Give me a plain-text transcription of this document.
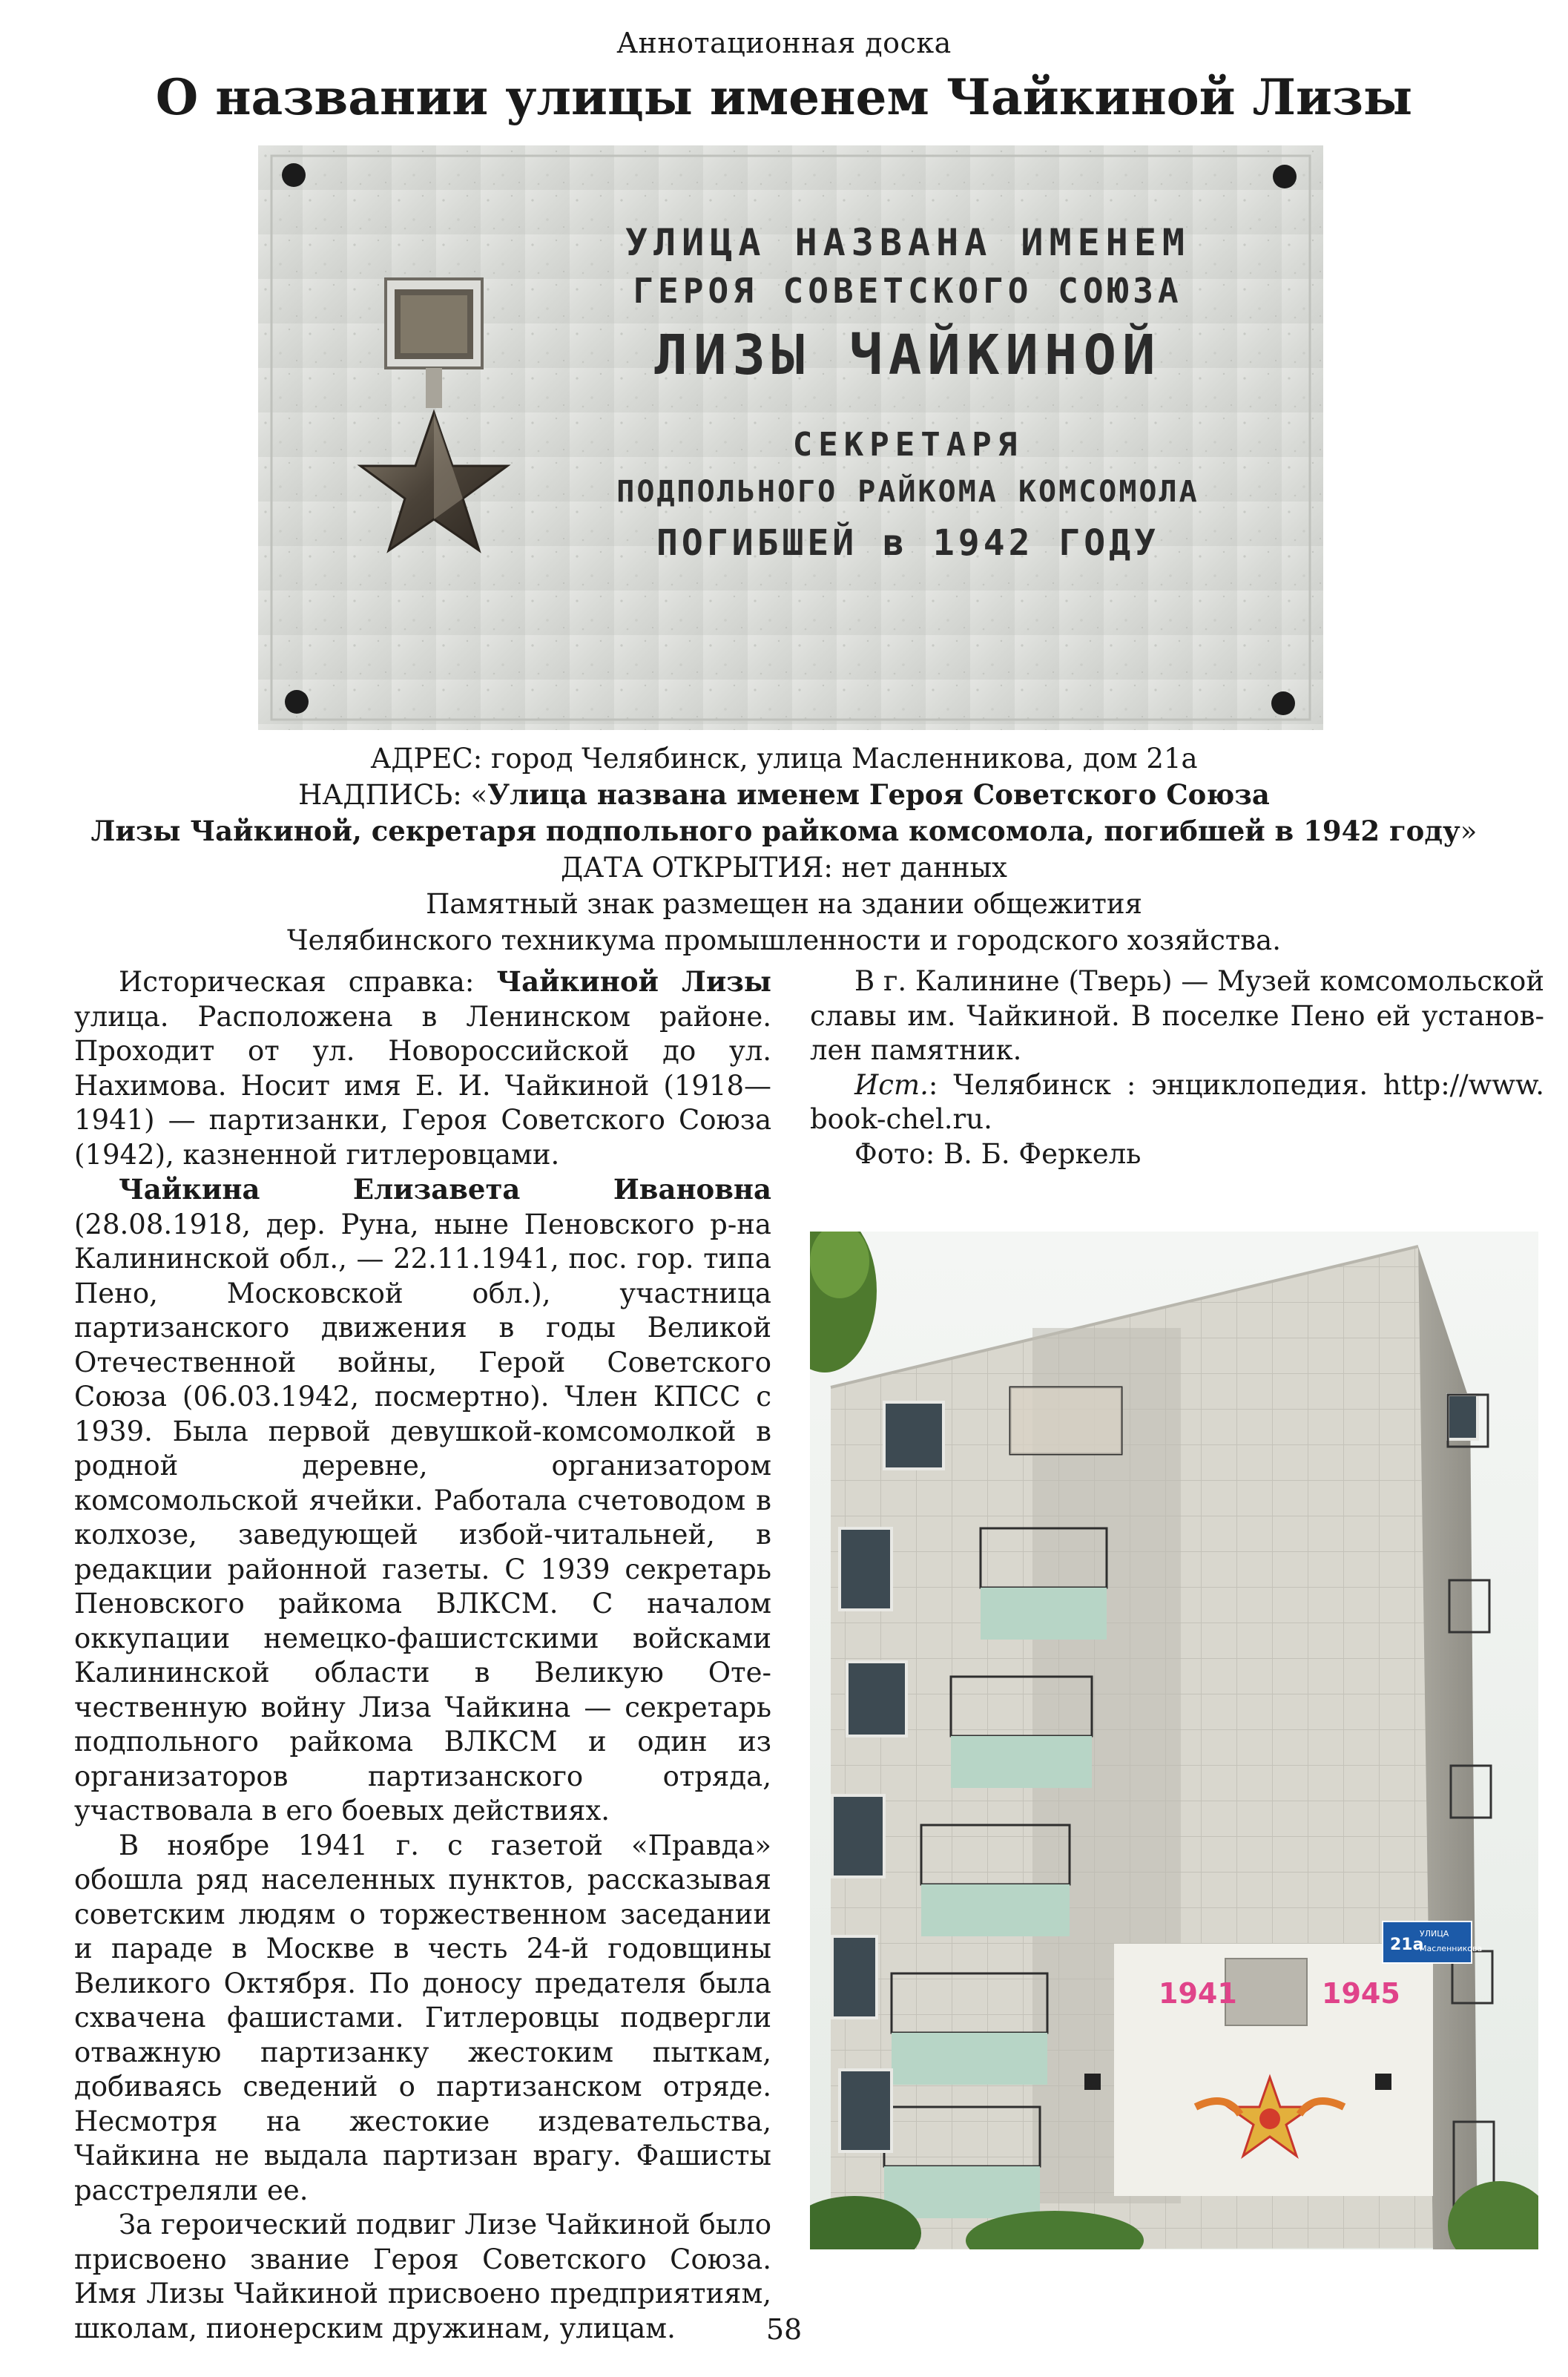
Аннотационная доска
О названии улицы именем Чайкиной Лизы
УЛИЦА НАЗВАНА ИМЕНЕМ
ГЕРОЯ СОВЕТСКОГО СОЮЗА
ЛИЗЫ ЧАЙКИНОЙ
СЕКРЕТАРЯ
ПОДПОЛЬНОГО РАЙКОМА КОМСОМОЛА
ПОГИБШЕЙ в 1942 ГОДУ
АДРЕС: город Челябинск, улица Масленникова, дом 21а
НАДПИСЬ: «Улица названа именем Героя Советского Союза
Лизы Чайкиной, секретаря подпольного райкома комсомола, погибшей в 1942 году»
ДАТА ОТКРЫТИЯ: нет данных
Памятный знак размещен на здании общежития
Челябинского техникума промышленности и городского хозяйства.

Историческая справка: Чайкиной Лизы улица. Расположена в Ленинском районе. Проходит от ул. Новороссийской до ул. Нахимова. Носит имя Е. И. Чайкиной (1918—1941) — партизанки, Героя Советского Союза (1942), казненной гитлеровцами.

Чайкина Елизавета Ивановна (28.08.1918, дер. Руна, ныне Пеновского р-на Калининской обл., — 22.11.1941, пос. гор. типа Пено, Московской обл.), участница партизанского движения в годы Великой Отечественной войны, Герой Советского Союза (06.03.1942, посмертно). Член КПСС с 1939. Была первой девушкой-комсомолкой в родной деревне, организатором комсомольской ячейки. Работала счетоводом в колхозе, заведующей избой-читальней, в редакции районной газеты. С 1939 секретарь Пеновского райкома ВЛКСМ. С началом оккупации немецко-фашистскими войсками Калининской области в Великую Отечественную войну Лиза Чайкина — секретарь подпольного райкома ВЛКСМ и один из организаторов партизанского отряда, участвовала в его боевых действиях.

В ноябре 1941 г. с газетой «Правда» обошла ряд населенных пунктов, рассказывая советским людям о торжественном заседании и параде в Москве в честь 24-й годовщины Великого Октября. По доносу предателя была схвачена фашистами. Гитлеровцы подвергли отважную партизанку жестоким пыткам, добиваясь сведений о партизанском отряде. Несмотря на жестокие издевательства, Чайкина не выдала партизан врагу. Фашисты расстреляли ее.

За героический подвиг Лизе Чайкиной было присвоено звание Героя Советского Союза. Имя Лизы Чайкиной присвоено предприятиям, школам, пионерским дружинам, улицам.

В г. Калинине (Тверь) — Музей комсомольской славы им. Чайкиной. В поселке Пено ей установлен памятник.

Ист.: Челябинск : энциклопедия. http://www. book-chel.ru.

Фото: В. Б. Феркель

1941	1945
21а
УЛИЦА
Масленникова
58
